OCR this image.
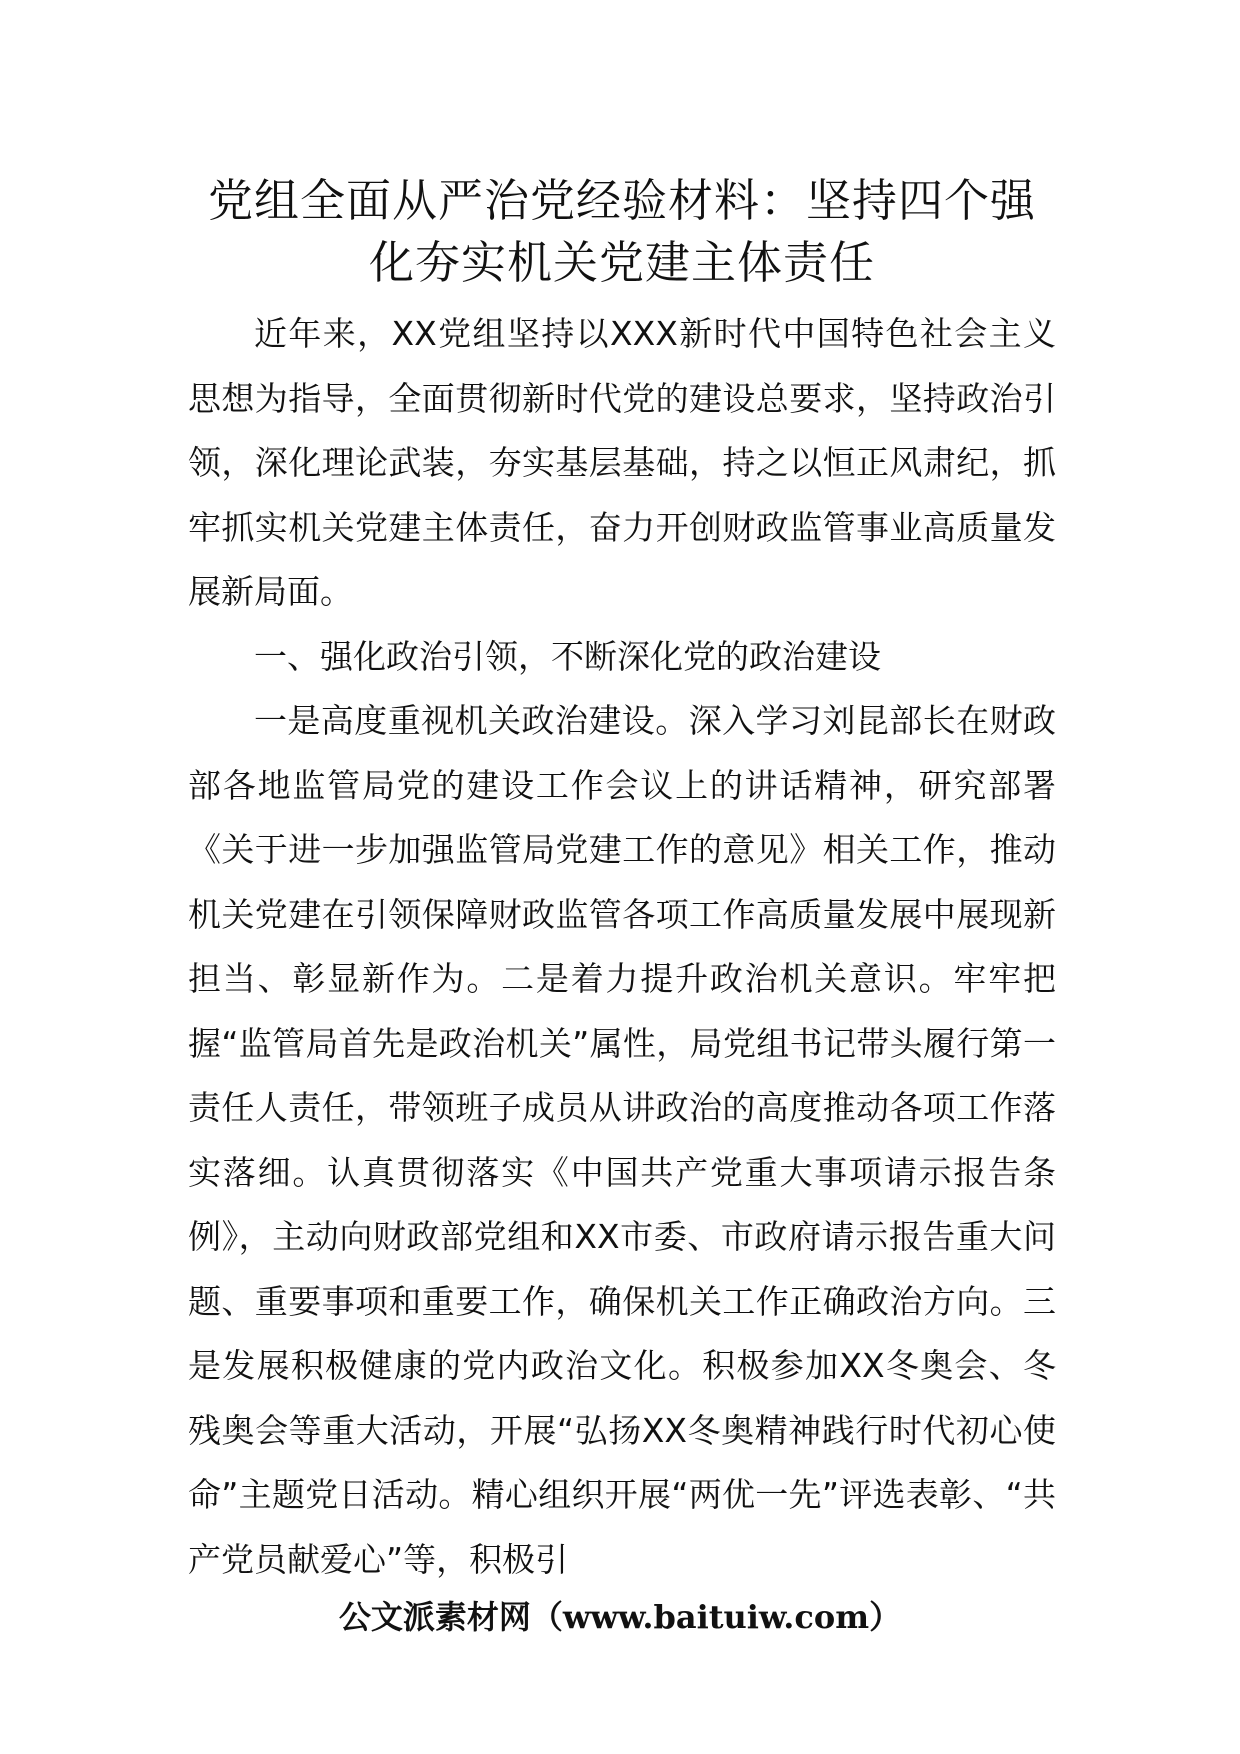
党组全面从严治党经验材料：坚持四个强
化夯实机关党建主体责任

近年来，XX党组坚持以XXX新时代中国特色社会主义思想为指导，全面贯彻新时代党的建设总要求，坚持政治引领，深化理论武装，夯实基层基础，持之以恒正风肃纪，抓牢抓实机关党建主体责任，奋力开创财政监管事业高质量发展新局面。

一、强化政治引领，不断深化党的政治建设

一是高度重视机关政治建设。深入学习刘昆部长在财政部各地监管局党的建设工作会议上的讲话精神，研究部署《关于进一步加强监管局党建工作的意见》相关工作，推动机关党建在引领保障财政监管各项工作高质量发展中展现新担当、彰显新作为。二是着力提升政治机关意识。牢牢把握“监管局首先是政治机关”属性，局党组书记带头履行第一责任人责任，带领班子成员从讲政治的高度推动各项工作落实落细。认真贯彻落实《中国共产党重大事项请示报告条例》，主动向财政部党组和XX市委、市政府请示报告重大问题、重要事项和重要工作，确保机关工作正确政治方向。三是发展积极健康的党内政治文化。积极参加XX冬奥会、冬残奥会等重大活动，开展“弘扬XX冬奥精神践行时代初心使命”主题党日活动。精心组织开展“两优一先”评选表彰、“共产党员献爱心”等，积极引

公文派素材网（www.baituiw.com）
